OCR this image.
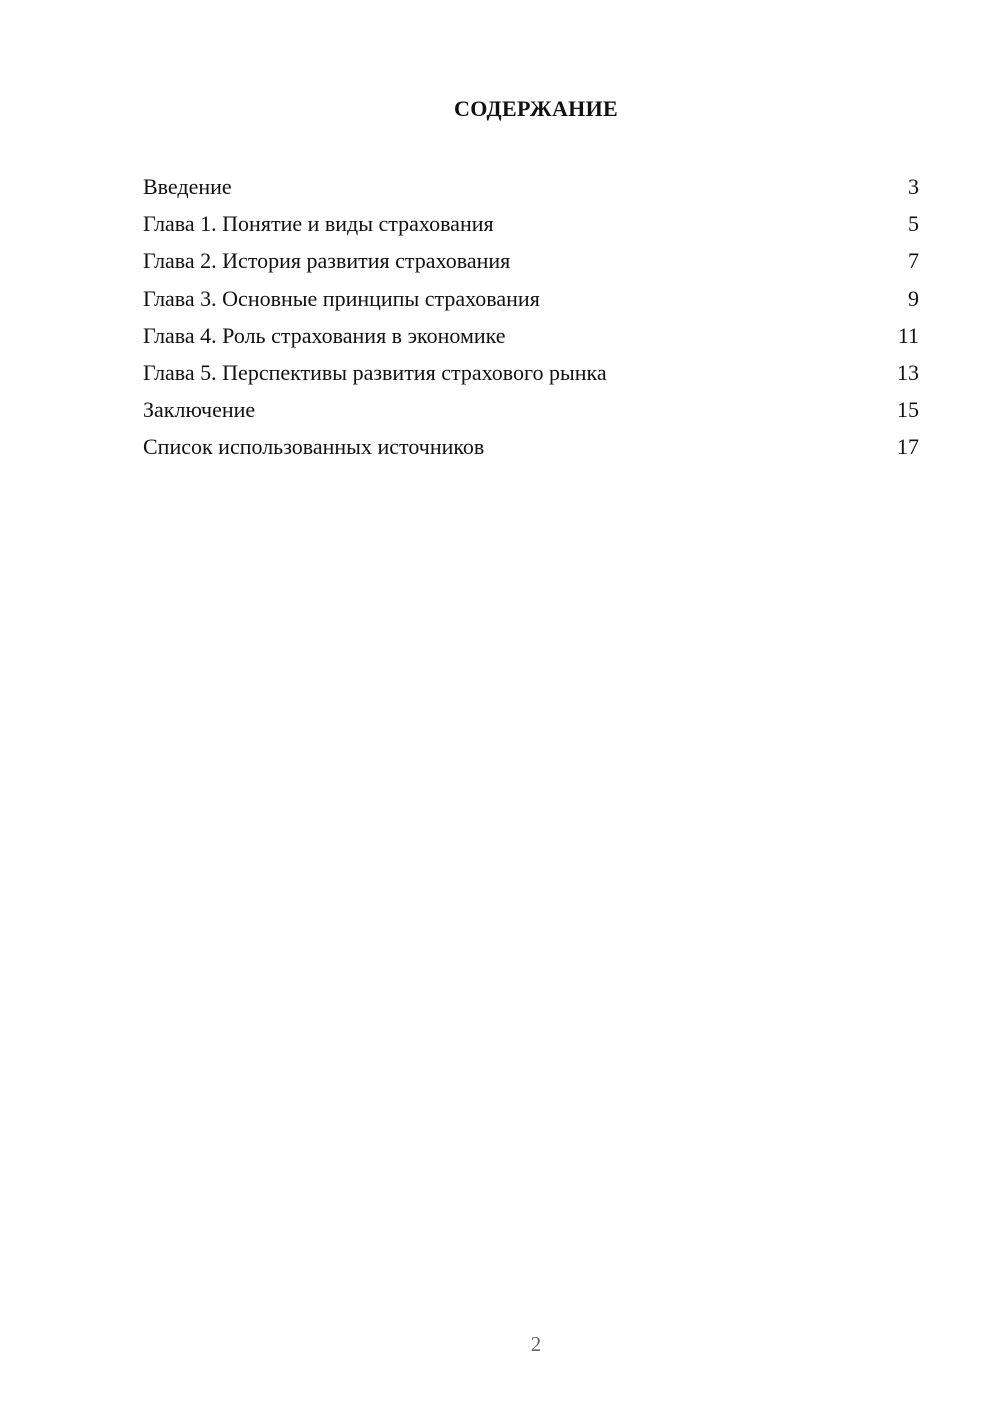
СОДЕРЖАНИЕ
Введение	3
Глава 1. Понятие и виды страхования	5
Глава 2. История развития страхования	7
Глава 3. Основные принципы страхования	9
Глава 4. Роль страхования в экономике	11
Глава 5. Перспективы развития страхового рынка	13
Заключение	15
Список использованных источников	17
2
